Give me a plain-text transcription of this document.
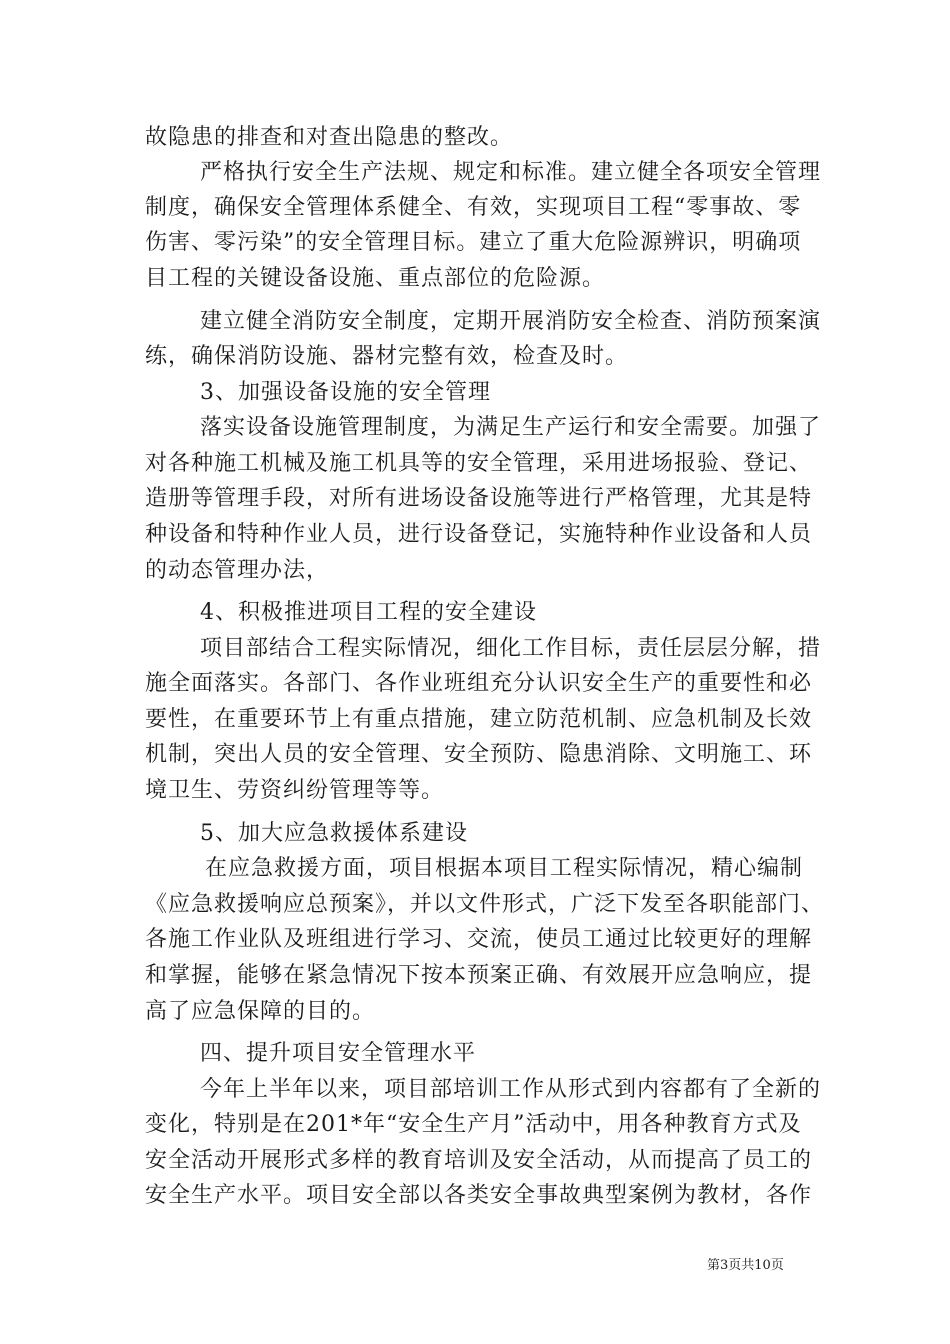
故隐患的排查和对查出隐患的整改。
严格执行安全生产法规、规定和标准。建立健全各项安全管理
制度，确保安全管理体系健全、有效，实现项目工程“零事故、零
伤害、零污染”的安全管理目标。建立了重大危险源辨识，明确项
目工程的关键设备设施、重点部位的危险源。
建立健全消防安全制度，定期开展消防安全检查、消防预案演
练，确保消防设施、器材完整有效，检查及时。
3、加强设备设施的安全管理
落实设备设施管理制度，为满足生产运行和安全需要。加强了
对各种施工机械及施工机具等的安全管理，采用进场报验、登记、
造册等管理手段，对所有进场设备设施等进行严格管理，尤其是特
种设备和特种作业人员，进行设备登记，实施特种作业设备和人员
的动态管理办法，
4、积极推进项目工程的安全建设
项目部结合工程实际情况，细化工作目标，责任层层分解，措
施全面落实。各部门、各作业班组充分认识安全生产的重要性和必
要性，在重要环节上有重点措施，建立防范机制、应急机制及长效
机制，突出人员的安全管理、安全预防、隐患消除、文明施工、环
境卫生、劳资纠纷管理等等。
5、加大应急救援体系建设
在应急救援方面，项目根据本项目工程实际情况，精心编制
《应急救援响应总预案》，并以文件形式，广泛下发至各职能部门、
各施工作业队及班组进行学习、交流，使员工通过比较更好的理解
和掌握，能够在紧急情况下按本预案正确、有效展开应急响应，提
高了应急保障的目的。
四、提升项目安全管理水平
今年上半年以来，项目部培训工作从形式到内容都有了全新的
变化，特别是在201*年“安全生产月”活动中，用各种教育方式及
安全活动开展形式多样的教育培训及安全活动，从而提高了员工的
安全生产水平。项目安全部以各类安全事故典型案例为教材，各作
第3页共10页
